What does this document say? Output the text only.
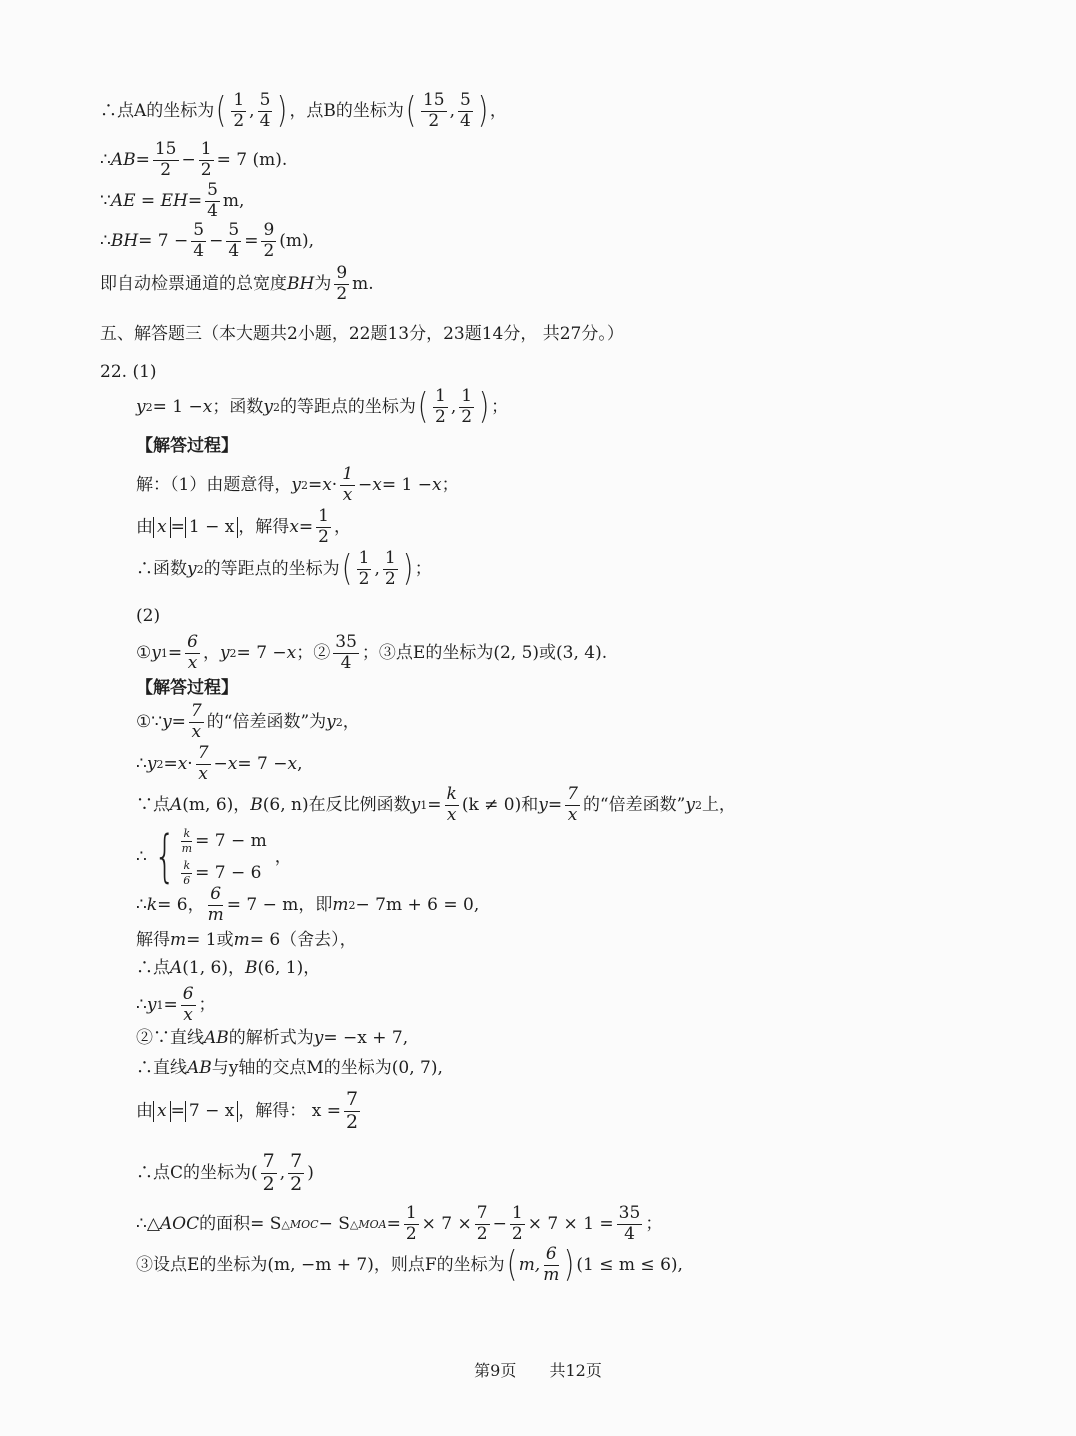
∴点A的坐标为 ( $\frac{1}{2}$ , $\frac{5}{4}$ ) ，点B的坐标为 ( $\frac{15}{2}$ , $\frac{5}{4}$ ) ，
∴ AB = $\frac{15}{2} - \frac{1}{2} = 7$ (m).
∵ AE = EH = $\frac{5}{4} m$,
∴ BH = $7 - \frac{5}{4} - \frac{5}{4} = \frac{9}{2} (m)$,
即自动检票通道的总宽度 BH 为 $\frac{9}{2} m$.
五、解答题三（本大题共2小题，22题13分，23题14分， 共27分。）
22. (1)
y 2 = 1 − x ；函数 y 2 的等距点的坐标为 ( $\frac{1}{2}$ , $\frac{1}{2}$ ) ；
【解答过程】
解：（1）由题意得， y $2 = x \cdot \frac{1}{x} - x = 1 - x$ ；
由 x = 1 − x ，解得 $x = \frac{1}{2}$ ，
∴函数 y 2 的等距点的坐标为 ( $\frac{1}{2}$ , $\frac{1}{2}$ ) ；
(2)
① y $1 = \frac{6}{x}$ ， y 2 = 7 − x ；② $\frac{35}{4}$ ；③点E的坐标为(2, 5)或(3, 4).
【解答过程】
①∵ $y = \frac{7}{x}$ 的“倍差函数”为 y 2 ，
∴ y $2 = x \cdot \frac{7}{x} - x = 7 - x$ ,
∵点 A (m, 6)， B (6, n)在反比例函数 y $1 = \frac{k}{x} (k \ne 0)$和 $y = \frac{7}{x}$ 的“倍差函数” y 2 上，
∴ { $\frac{k}{m} = 7 - m$
$\frac{k}{6} = 7 - 6$
，
∴ k = 6， $\frac{6}{m} = 7 - m$，即 m 2 − 7m + 6 = 0,
解得 m = 1或 m = 6（舍去），
∴点 A (1, 6)， B (6, 1)，
∴ y $1 = \frac{6}{x}$ ；
②∵直线 AB 的解析式为 y = −x + 7,
∴直线 AB 与y轴的交点M的坐标为(0, 7),
由 x = 7 − x ，解得： $x = \frac{7}{2}$
∴点C的坐标为( $\frac{7}{2}$ , $\frac{7}{2}$ )
∴△ AOC 的面积= S △MOC − S △MOA = $\frac{1}{2} \times 7 \times \frac{7}{2} - \frac{1}{2} \times 7 \times 1 = \frac{35}{4}$ ；
③设点E的坐标为(m, −m + 7)，则点F的坐标为 ( m, $\frac{6}{m}$ ) (1 ≤ m ≤ 6),
第9页 共12页
